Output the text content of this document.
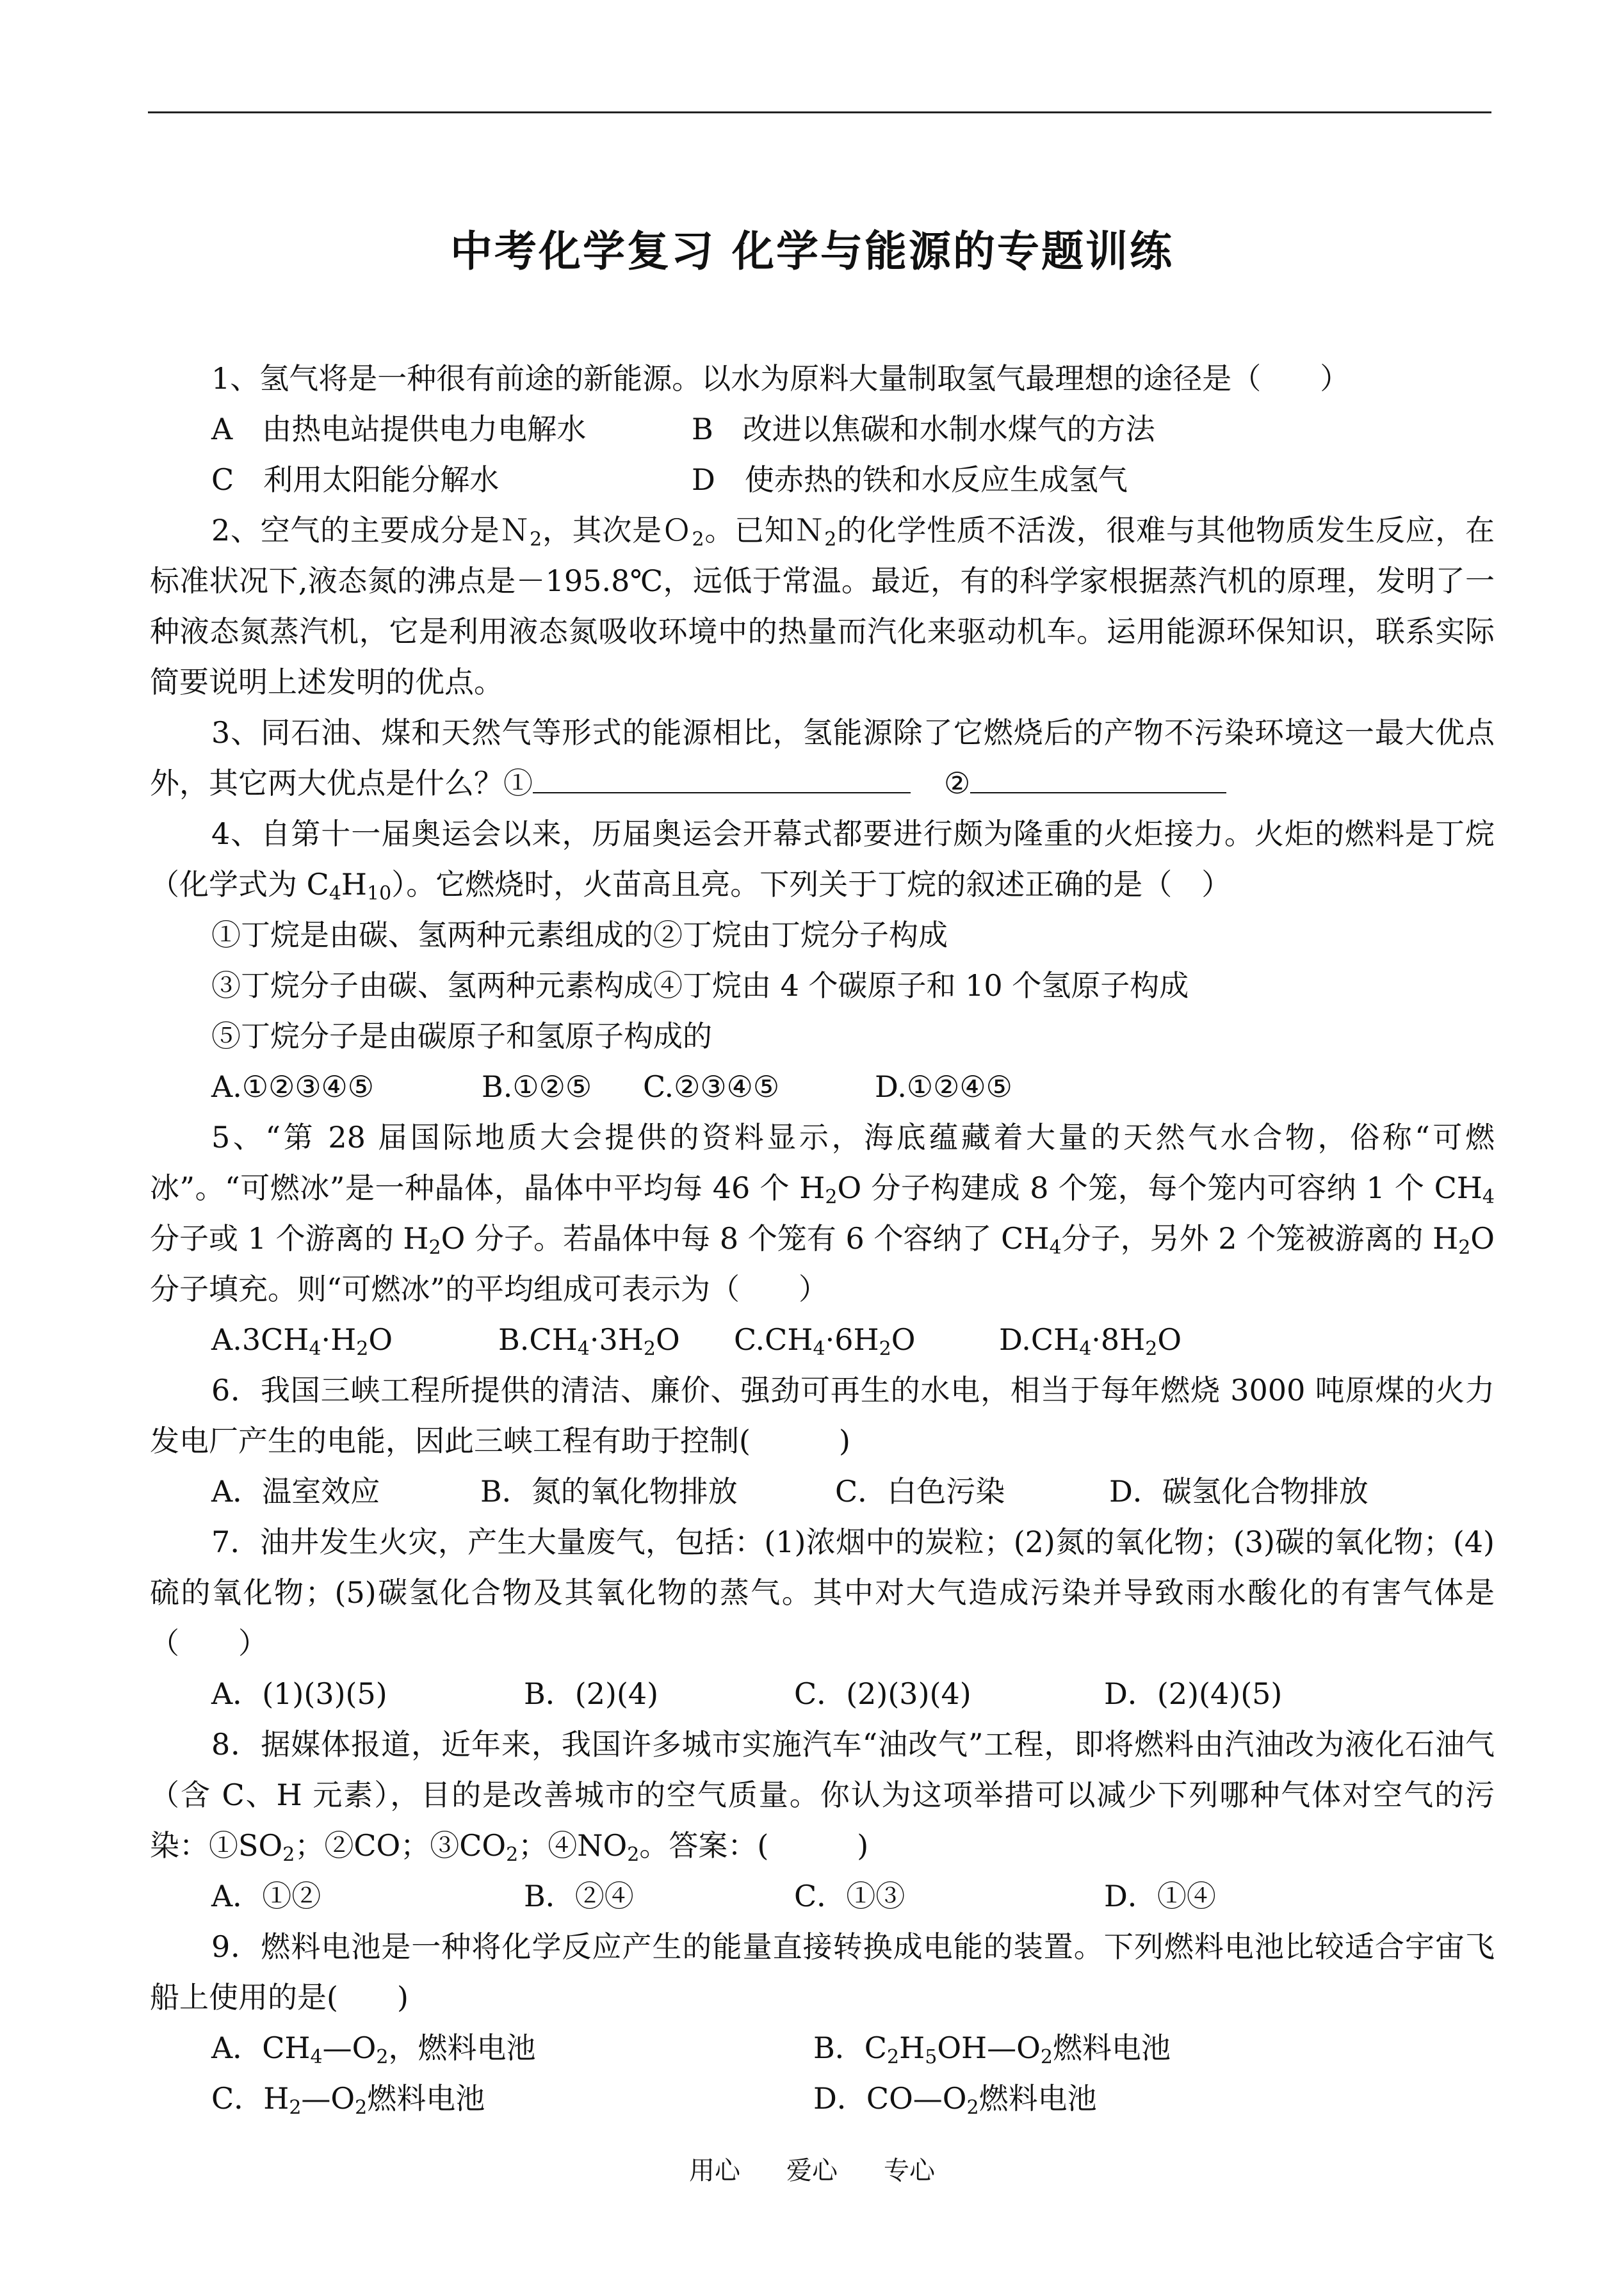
中考化学复习 化学与能源的专题训练

1、氢气将是一种很有前途的新能源。以水为原料大量制取氢气最理想的途径是（　　）

A　由热电站提供电力电解水	B　改进以焦碳和水制水煤气的方法
C　利用太阳能分解水	D　使赤热的铁和水反应生成氢气

2、空气的主要成分是Ｎ$_2$，其次是Ｏ$_2$。已知Ｎ$_2$的化学性质不活泼，很难与其他物质发生反应，在标准状况下,液态氮的沸点是－195.8℃，远低于常温。最近，有的科学家根据蒸汽机的原理，发明了一种液态氮蒸汽机，它是利用液态氮吸收环境中的热量而汽化来驱动机车。运用能源环保知识，联系实际简要说明上述发明的优点。

3、同石油、煤和天然气等形式的能源相比，氢能源除了它燃烧后的产物不污染环境这一最大优点外，其它两大优点是什么？①	②

4、自第十一届奥运会以来，历届奥运会开幕式都要进行颇为隆重的火炬接力。火炬的燃料是丁烷（化学式为 $C_4H_{10}$）。它燃烧时，火苗高且亮。下列关于丁烷的叙述正确的是（　）

①丁烷是由碳、氢两种元素组成的②丁烷由丁烷分子构成

③丁烷分子由碳、氢两种元素构成④丁烷由 4 个碳原子和 10 个氢原子构成

⑤丁烷分子是由碳原子和氢原子构成的

A.①②③④⑤	B.①②⑤ C.②③④⑤	D.①②④⑤

5、“第 28 届国际地质大会提供的资料显示，海底蕴藏着大量的天然气水合物，俗称“可燃冰”。“可燃冰”是一种晶体，晶体中平均每 46 个 $H_2O$ 分子构建成 8 个笼，每个笼内可容纳 1 个 $CH_4$分子或 1 个游离的 $H_2O$ 分子。若晶体中每 8 个笼有 6 个容纳了 $CH_4$分子，另外 2 个笼被游离的 $H_2O$ 分子填充。则“可燃冰”的平均组成可表示为（　　）

$A.3CH_4\cdot H_2O$	$B.CH_4\cdot 3H_2O$ $C.CH_4\cdot 6H_2O$	$D.CH_4\cdot 8H_2O$

6．我国三峡工程所提供的清洁、廉价、强劲可再生的水电，相当于每年燃烧 3000 吨原煤的火力发电厂产生的电能，因此三峡工程有助于控制(　　　)

A．温室效应	B．氮的氧化物排放	C．白色污染	D．碳氢化合物排放

7．油井发生火灾，产生大量废气，包括：(1)浓烟中的炭粒；(2)氮的氧化物；(3)碳的氧化物；(4)硫的氧化物；(5)碳氢化合物及其氧化物的蒸气。其中对大气造成污染并导致雨水酸化的有害气体是（　　）

A．(1)(3)(5)	B．(2)(4)	C．(2)(3)(4)	D．(2)(4)(5)

8．据媒体报道，近年来，我国许多城市实施汽车“油改气”工程，即将燃料由汽油改为液化石油气（含 C、H 元素），目的是改善城市的空气质量。你认为这项举措可以减少下列哪种气体对空气的污染：$①SO_2$；②CO；$③CO_2$；$④NO_2$。答案：(　　　)

A．①②	B．②④	C．①③	D．①④

9．燃料电池是一种将化学反应产生的能量直接转换成电能的装置。下列燃料电池比较适合宇宙飞船上使用的是(　　)

A．$CH_4—O_2$，燃料电池	B．$C_2H_5OH—O_2$燃料电池
C．$H_2—O_2$燃料电池	D．$CO—O_2$燃料电池
用心 爱心 专心
